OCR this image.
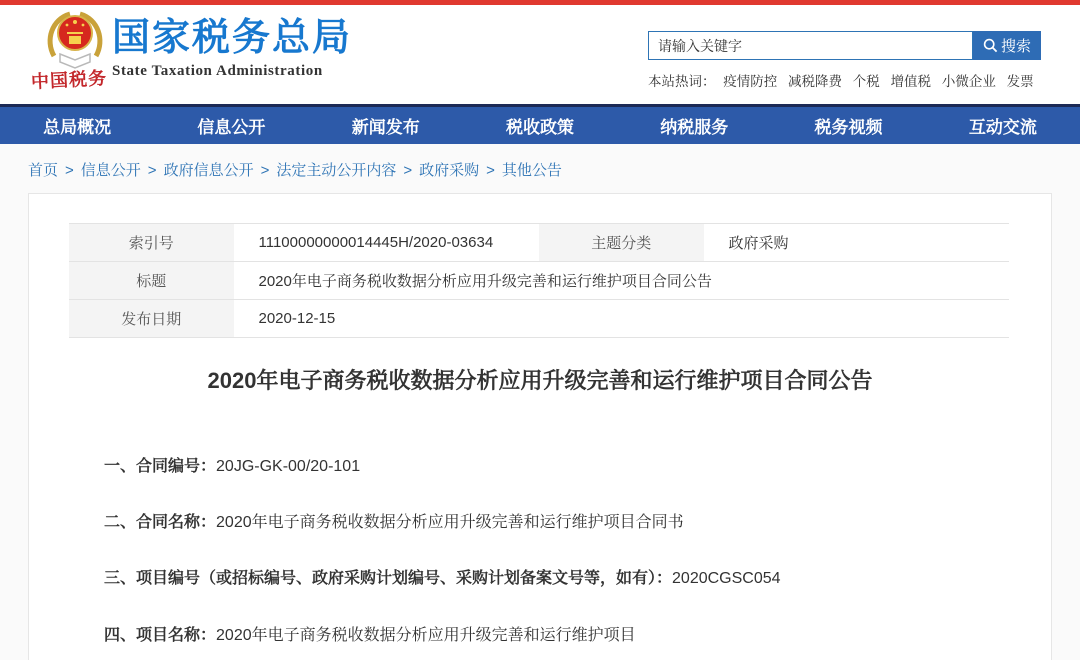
中国税务
国家税务总局
State Taxation Administration
请输入关键字
搜索
本站热词： 疫情防控 减税降费 个税 增值税 小微企业 发票
总局概况	信息公开	新闻发布	税收政策	纳税服务	税务视频	互动交流
首页 > 信息公开 > 政府信息公开 > 法定主动公开内容 > 政府采购 > 其他公告
索引号	11100000000014445H/2020-03634	主题分类	政府采购
标题	2020年电子商务税收数据分析应用升级完善和运行维护项目合同公告		
发布日期	2020-12-15		
2020年电子商务税收数据分析应用升级完善和运行维护项目合同公告

一、合同编号：20JG-GK-00/20-101

二、合同名称：2020年电子商务税收数据分析应用升级完善和运行维护项目合同书

三、项目编号（或招标编号、政府采购计划编号、采购计划备案文号等，如有）：2020CGSC054

四、项目名称：2020年电子商务税收数据分析应用升级完善和运行维护项目
